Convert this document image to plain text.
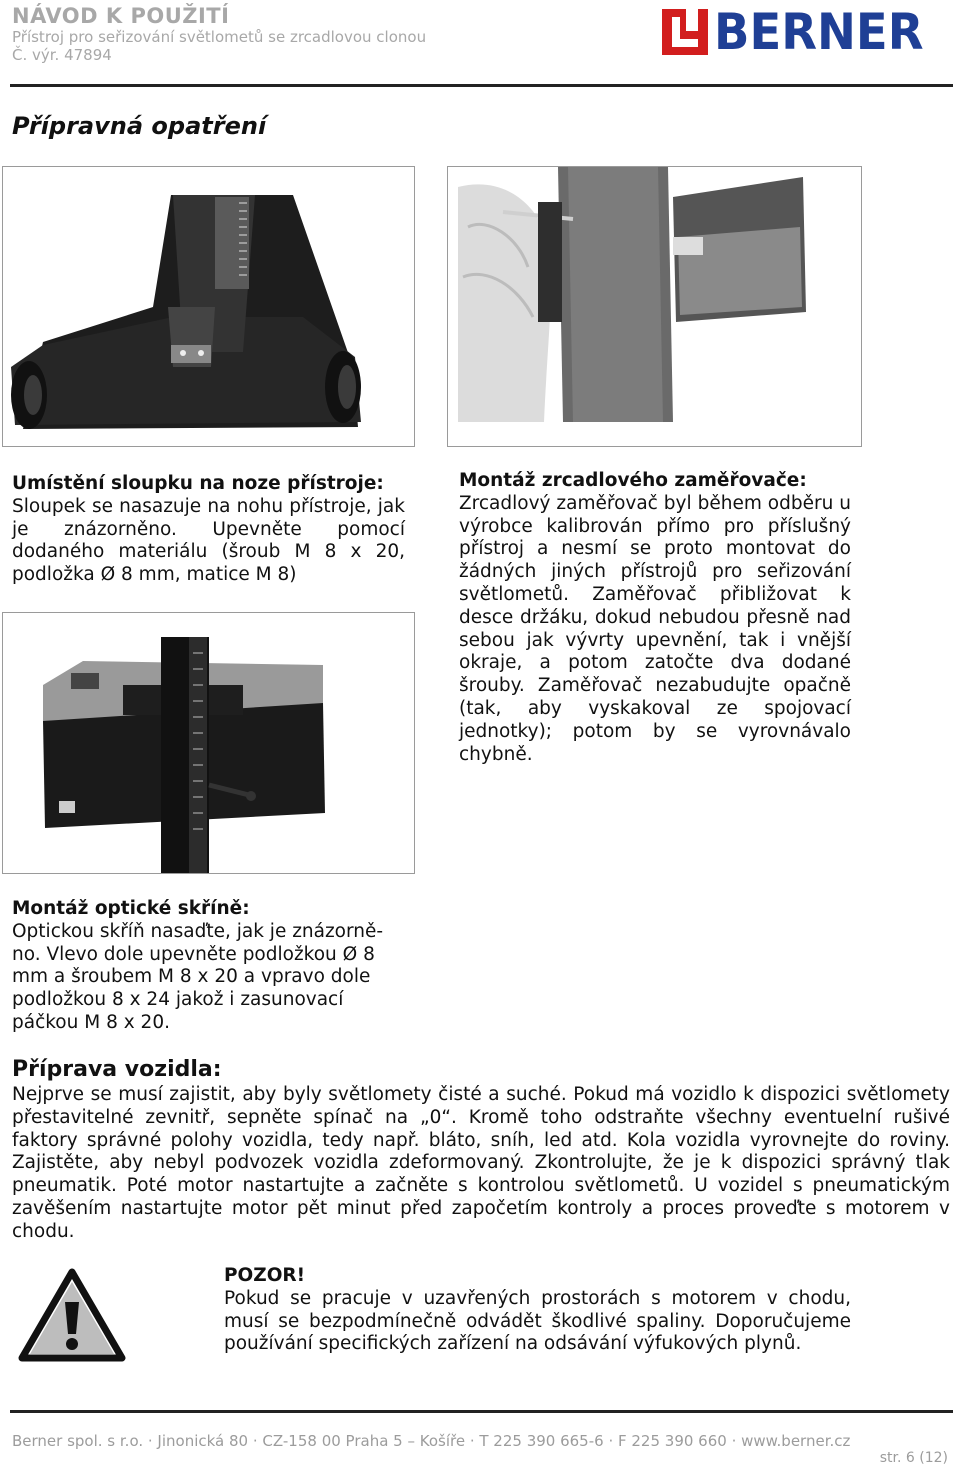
NÁVOD K POUŽITÍ
Přístroj pro seřizování světlometů se zrcadlovou clonou
Č. výr. 47894	BERNER
Přípravná opatření
Umístění sloupku na noze přístroje:
Sloupek se nasazuje na nohu přístroje, jak je znázorněno. Upevněte pomocí dodaného materiálu (šroub M 8 x 20, podložka Ø 8 mm, matice M 8)
Montáž zrcadlového zaměřovače:
Zrcadlový zaměřovač byl během odběru u výrobce kalibrován přímo pro příslušný přístroj a nesmí se proto montovat do žádných jiných přístrojů pro seřizování světlometů. Zaměřovač přibližovat k desce držáku, dokud nebudou přesně nad sebou jak vývrty upevnění, tak i vnější okraje, a potom zatočte dva dodané šrouby. Zaměřovač nezabudujte opačně (tak, aby vyskakoval ze spojovací jednotky); potom by se vyrovnávalo chybně.
Montáž optické skříně:
Optickou skříň nasaďte, jak je znázorně-no. Vlevo dole upevněte podložkou Ø 8 mm a šroubem M 8 x 20 a vpravo dole podložkou 8 x 24 jakož i zasunovací páčkou M 8 x 20.
Příprava vozidla:
Nejprve se musí zajistit, aby byly světlomety čisté a suché. Pokud má vozidlo k dispozici světlomety přestavitelné zevnitř, sepněte spínač na „0“. Kromě toho odstraňte všechny eventuelní rušivé faktory správné polohy vozidla, tedy např. bláto, sníh, led atd. Kola vozidla vyrovnejte do roviny. Zajistěte, aby nebyl podvozek vozidla zdeformovaný. Zkontrolujte, že je k dispozici správný tlak pneumatik. Poté motor nastartujte a začněte s kontrolou světlometů. U vozidel s pneumatickým zavěšením nastartujte motor pět minut před započetím kontroly a proces proveďte s motorem v chodu.
POZOR!
Pokud se pracuje v uzavřených prostorách s motorem v chodu, musí se bezpodmínečně odvádět škodlivé spaliny. Doporučujeme používání specifických zařízení na odsávání výfukových plynů.
Berner spol. s r.o. · Jinonická 80 · CZ-158 00 Praha 5 – Košíře · T 225 390 665-6 · F 225 390 660 · www.berner.cz
str. 6 (12)
